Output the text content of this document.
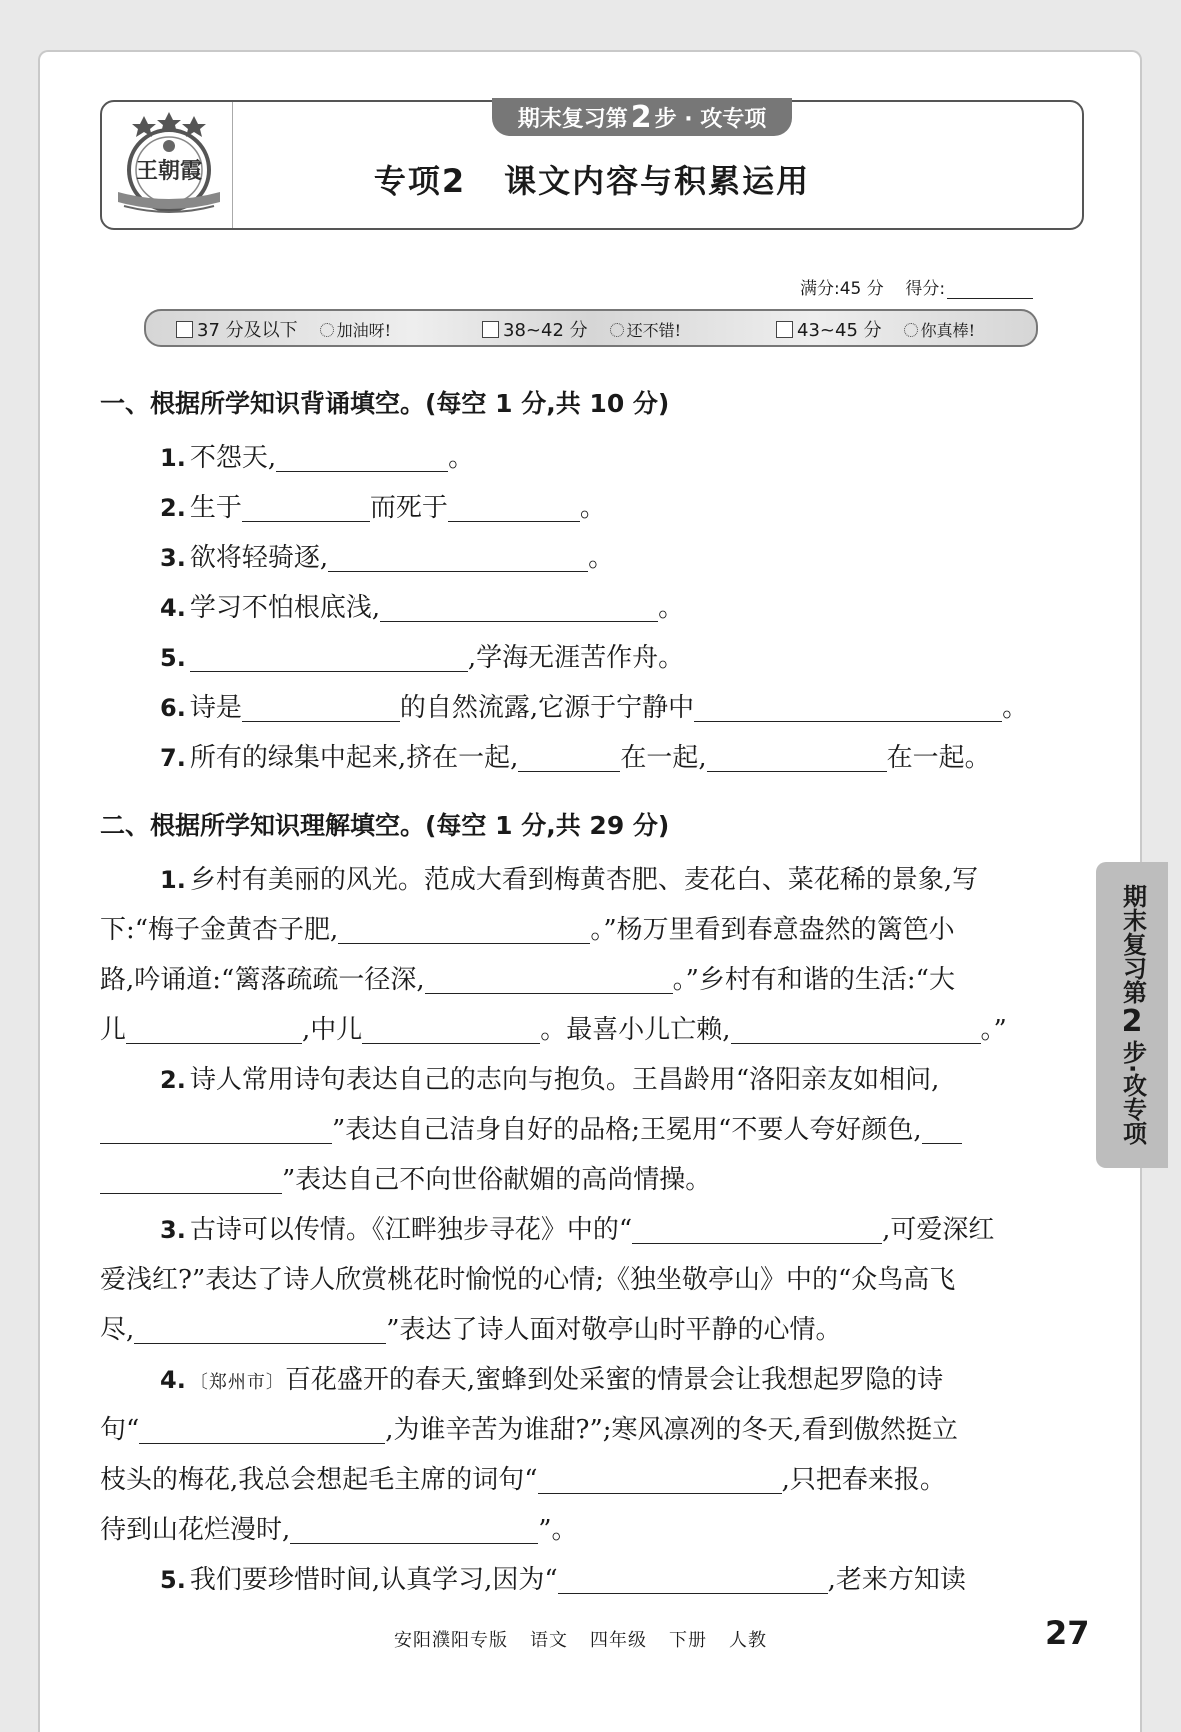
王朝霞
期末复习第 2 步 · 攻专项
专项2 课文内容与积累运用
满分:45 分 得分:
37 分及以下	加油呀!	38~42 分	还不错!	43~45 分	你真棒!
一、根据所学知识背诵填空。(每空 1 分,共 10 分)
1. 不怨天,	。
2. 生于	而死于	。
3. 欲将轻骑逐,	。
4. 学习不怕根底浅,	。
5.	,学海无涯苦作舟。
6. 诗是	的自然流露,它源于宁静中	。
7. 所有的绿集中起来,挤在一起,	在一起,	在一起。
二、根据所学知识理解填空。(每空 1 分,共 29 分)
1. 乡村有美丽的风光。范成大看到梅黄杏肥、麦花白、菜花稀的景象,写
下:“梅子金黄杏子肥,	。”杨万里看到春意盎然的篱笆小
路,吟诵道:“篱落疏疏一径深,	。”乡村有和谐的生活:“大
儿	,中儿	。最喜小儿亡赖,	。”
2. 诗人常用诗句表达自己的志向与抱负。王昌龄用“洛阳亲友如相问,
”表达自己洁身自好的品格;王冕用“不要人夸好颜色,
”表达自己不向世俗献媚的高尚情操。
3. 古诗可以传情。《江畔独步寻花》中的“	,可爱深红
爱浅红?”表达了诗人欣赏桃花时愉悦的心情;《独坐敬亭山》中的“众鸟高飞
尽,	”表达了诗人面对敬亭山时平静的心情。
4. 〔郑州市〕百花盛开的春天,蜜蜂到处采蜜的情景会让我想起罗隐的诗
句“	,为谁辛苦为谁甜?”;寒风凛冽的冬天,看到傲然挺立
枝头的梅花,我总会想起毛主席的词句“	,只把春来报。
待到山花烂漫时,	”。
5. 我们要珍惜时间,认真学习,因为“	,老来方知读
期末复习第
2
步·攻专项
安阳濮阳专版 语文 四年级 下册 人教	27
